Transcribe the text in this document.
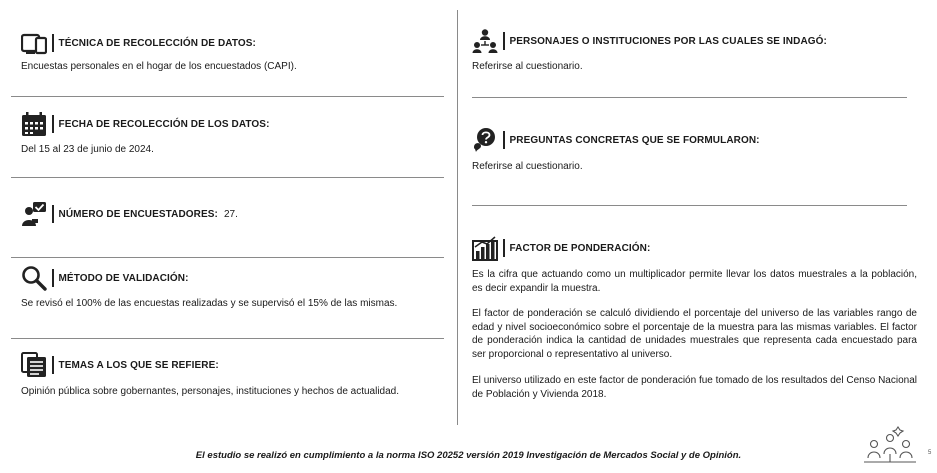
TÉCNICA DE RECOLECCIÓN DE DATOS:
Encuestas personales en el hogar de los encuestados (CAPI).
FECHA DE RECOLECCIÓN DE LOS DATOS:
Del 15 al 23 de junio de 2024.
NÚMERO DE ENCUESTADORES: 27.
MÉTODO DE VALIDACIÓN:
Se revisó el 100% de las encuestas realizadas y se supervisó el 15% de las mismas.
TEMAS A LOS QUE SE REFIERE:
Opinión pública sobre gobernantes, personajes, instituciones y hechos de actualidad.
PERSONAJES O INSTITUCIONES POR LAS CUALES SE INDAGÓ:
Referirse al cuestionario.
PREGUNTAS CONCRETAS QUE SE FORMULARON:
Referirse al cuestionario.
FACTOR DE PONDERACIÓN:
Es la cifra que actuando como un multiplicador permite llevar los datos muestrales a la población, es decir expandir la muestra.
El factor de ponderación se calculó dividiendo el porcentaje del universo de las variables rango de edad y nivel socioeconómico sobre el porcentaje de la muestra para las mismas variables. El factor de ponderación indica la cantidad de unidades muestrales que representa cada encuestado para ser proporcional o representativo al universo.
El universo utilizado en este factor de ponderación fue tomado de los resultados del Censo Nacional de Población y Vivienda 2018.
El estudio se realizó en cumplimiento a la norma ISO 20252 versión 2019 Investigación de Mercados Social y de Opinión.	5
